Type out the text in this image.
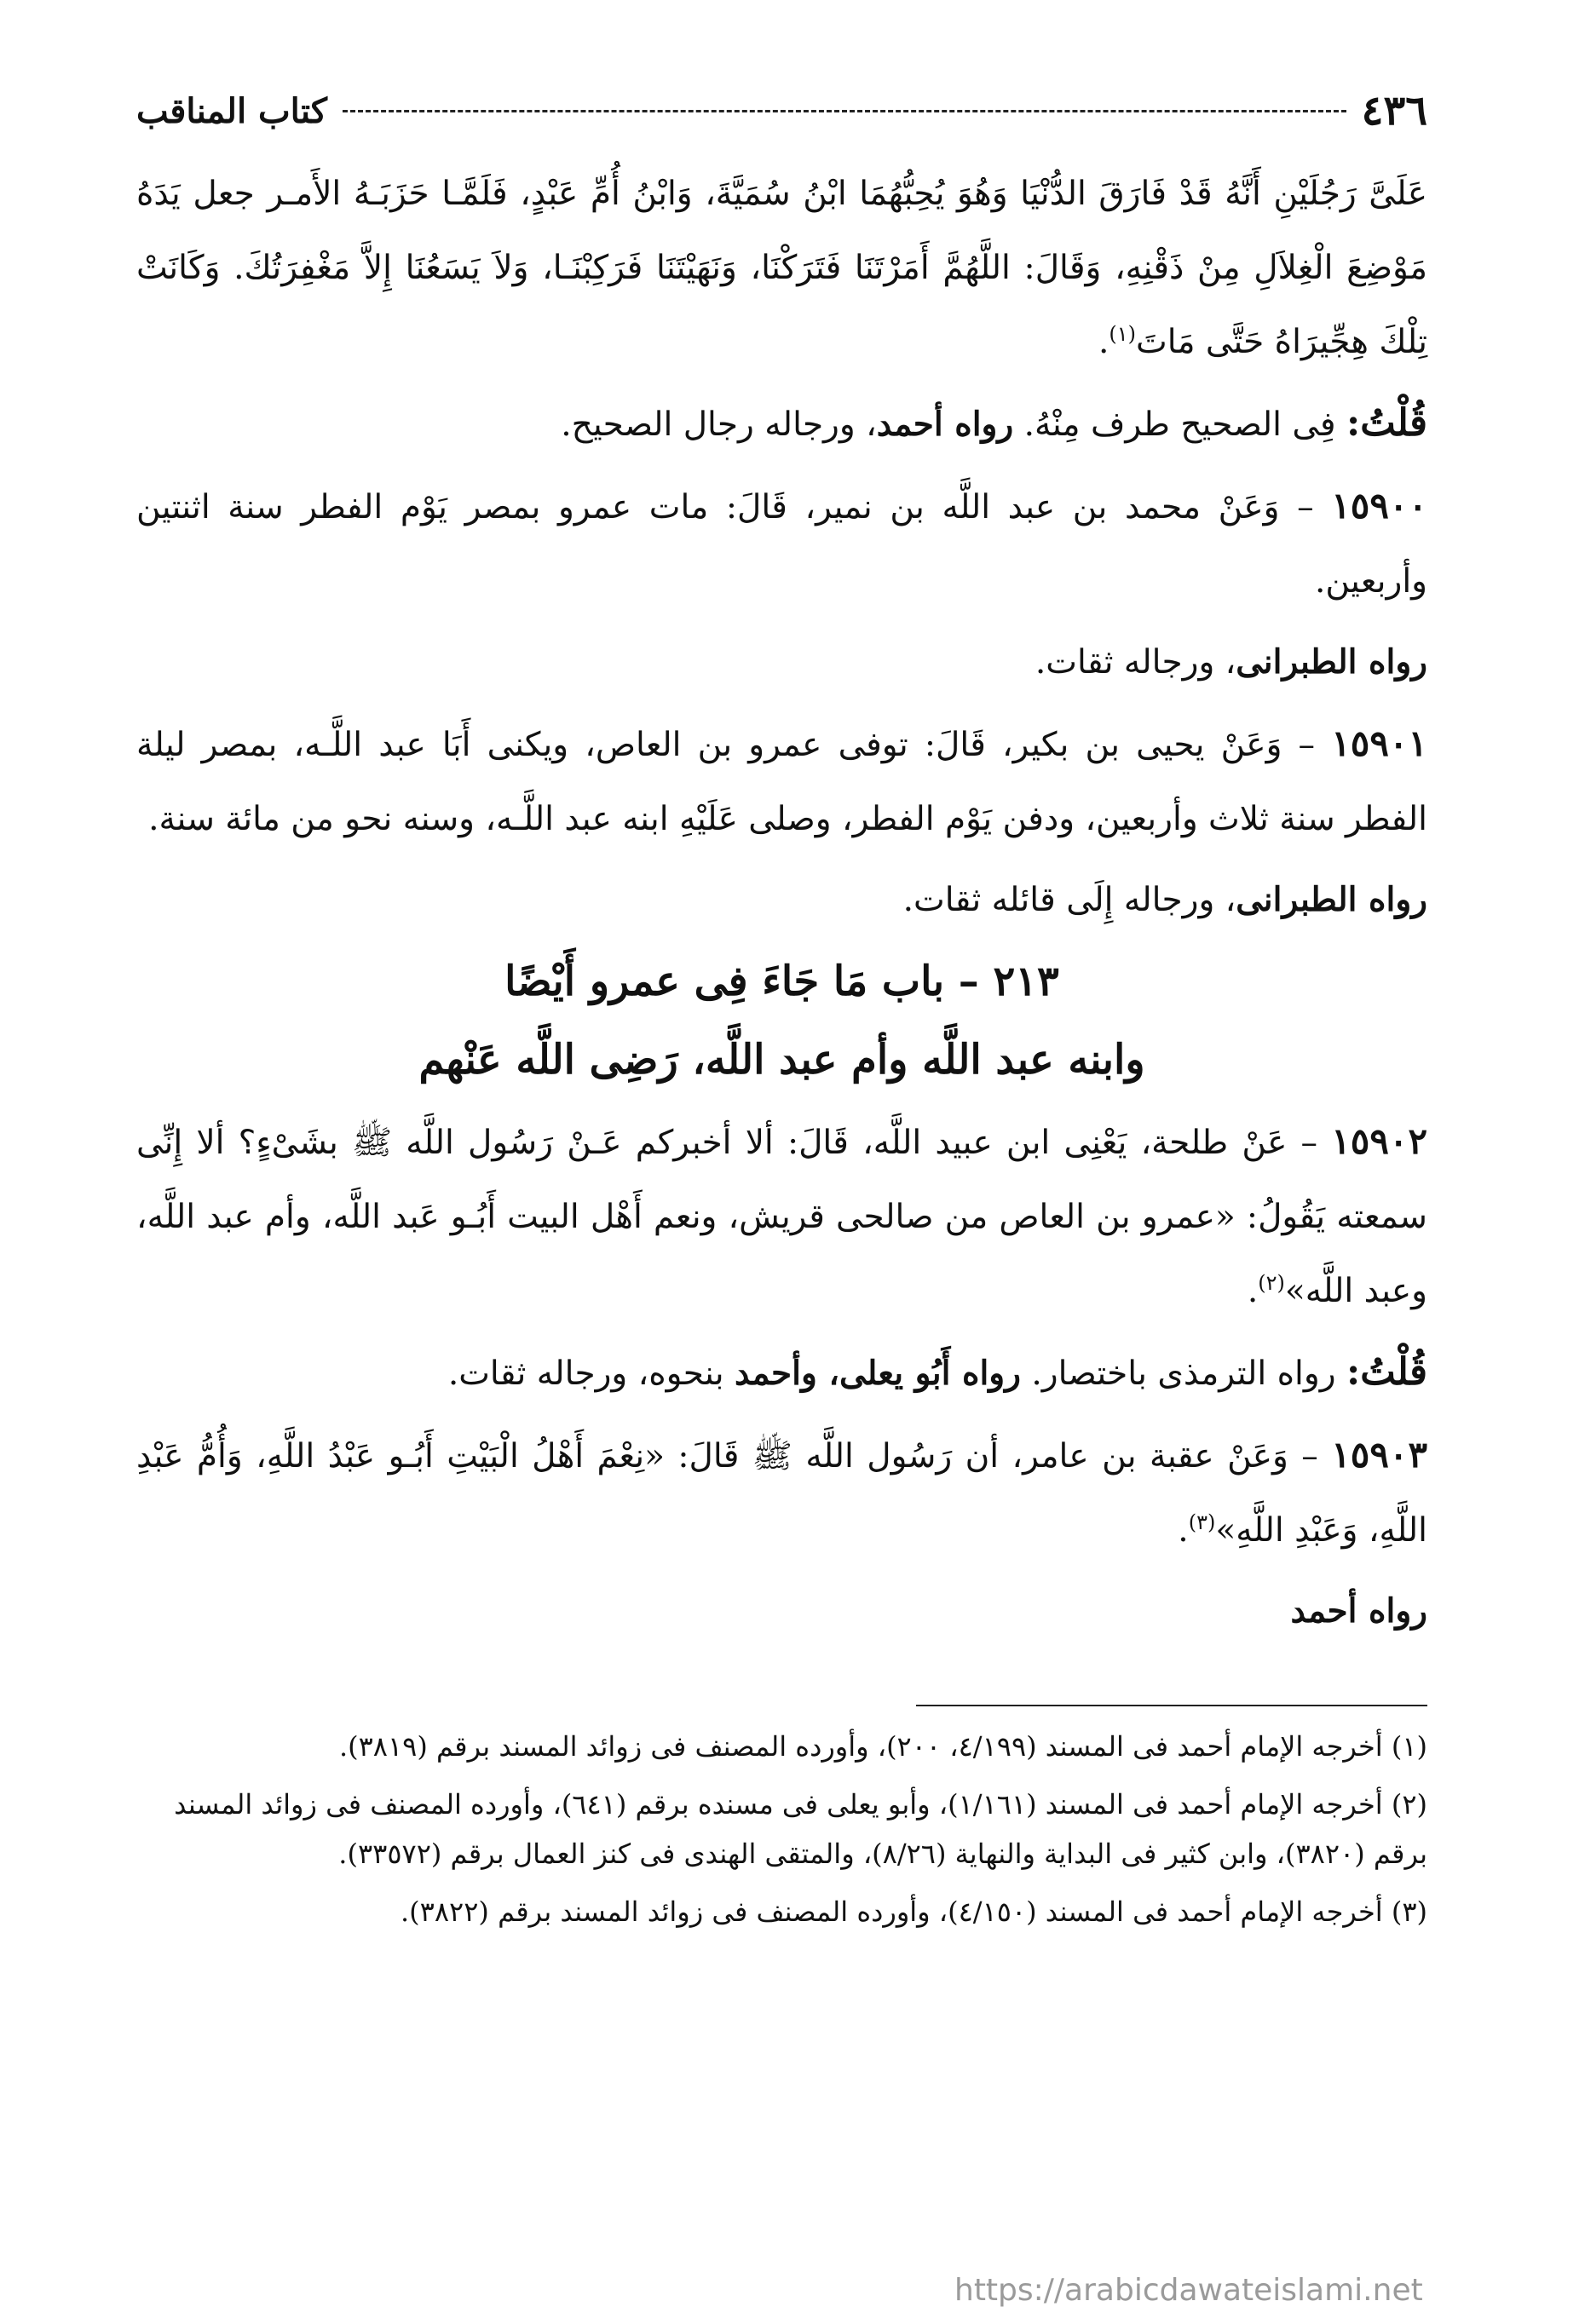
٤٣٦
كتاب المناقب

عَلَىَّ رَجُلَيْنِ أَنَّهُ قَدْ فَارَقَ الدُّنْيَا وَهُوَ يُحِبُّهُمَا ابْنُ سُمَيَّةَ، وَابْنُ أُمِّ عَبْدٍ، فَلَمَّـا حَزَبَـهُ الأَمـر جعل يَدَهُ مَوْضِعَ الْغِلاَلِ مِنْ ذَقْنِهِ، وَقَالَ: اللَّهُمَّ أَمَرْتَنَا فَتَرَكْنَا، وَنَهَيْتَنَا فَرَكِبْنَـا، وَلاَ يَسَعُنَا إِلاَّ مَغْفِرَتُكَ. وَكَانَتْ تِلْكَ هِجِّيرَاهُ حَتَّى مَاتَ$^{(١)}$.

قُلْتُ: فِى الصحيح طرف مِنْهُ. رواه أحمد، ورجاله رجال الصحيح.

١٥٩٠٠ – وَعَنْ محمد بن عبد اللَّه بن نمير، قَالَ: مات عمرو بمصر يَوْم الفطر سنة اثنتين وأربعين.

رواه الطبرانى، ورجاله ثقات.

١٥٩٠١ – وَعَنْ يحيى بن بكير، قَالَ: توفى عمرو بن العاص، ويكنى أَبَا عبد اللَّـه، بمصر ليلة الفطر سنة ثلاث وأربعين، ودفن يَوْم الفطر، وصلى عَلَيْهِ ابنه عبد اللَّـه، وسنه نحو من مائة سنة.

رواه الطبرانى، ورجاله إِلَى قائله ثقات.

٢١٣ – باب مَا جَاءَ فِى عمرو أَيْضًا
وابنه عبد اللَّه وأم عبد اللَّه، رَضِى اللَّه عَنْهم

١٥٩٠٢ – عَنْ طلحة، يَعْنِى ابن عبيد اللَّه، قَالَ: ألا أخبركم عَـنْ رَسُول اللَّه ﷺ بشَىْءٍ؟ ألا إِنِّى سمعته يَقُولُ: «عمرو بن العاص من صالحى قريش، ونعم أَهْل البيت أَبُـو عَبد اللَّه، وأم عبد اللَّه، وعبد اللَّه»$^{(٢)}$.

قُلْتُ: رواه الترمذى باختصار. رواه أَبُو يعلى، وأحمد بنحوه، ورجاله ثقات.

١٥٩٠٣ – وَعَنْ عقبة بن عامر، أن رَسُول اللَّه ﷺ قَالَ: «نِعْمَ أَهْلُ الْبَيْتِ أَبُـو عَبْدُ اللَّهِ، وَأُمُّ عَبْدِ اللَّهِ، وَعَبْدِ اللَّهِ»$^{(٣)}$.

رواه أحمد

(١) أخرجه الإمام أحمد فى المسند (٤/١٩٩، ٢٠٠)، وأورده المصنف فى زوائد المسند برقم (٣٨١٩).

(٢) أخرجه الإمام أحمد فى المسند (١/١٦١)، وأبو يعلى فى مسنده برقم (٦٤١)، وأورده المصنف فى زوائد المسند برقم (٣٨٢٠)، وابن كثير فى البداية والنهاية (٨/٢٦)، والمتقى الهندى فى كنز العمال برقم (٣٣٥٧٢).

(٣) أخرجه الإمام أحمد فى المسند (٤/١٥٠)، وأورده المصنف فى زوائد المسند برقم (٣٨٢٢).

https://arabicdawateislami.net
